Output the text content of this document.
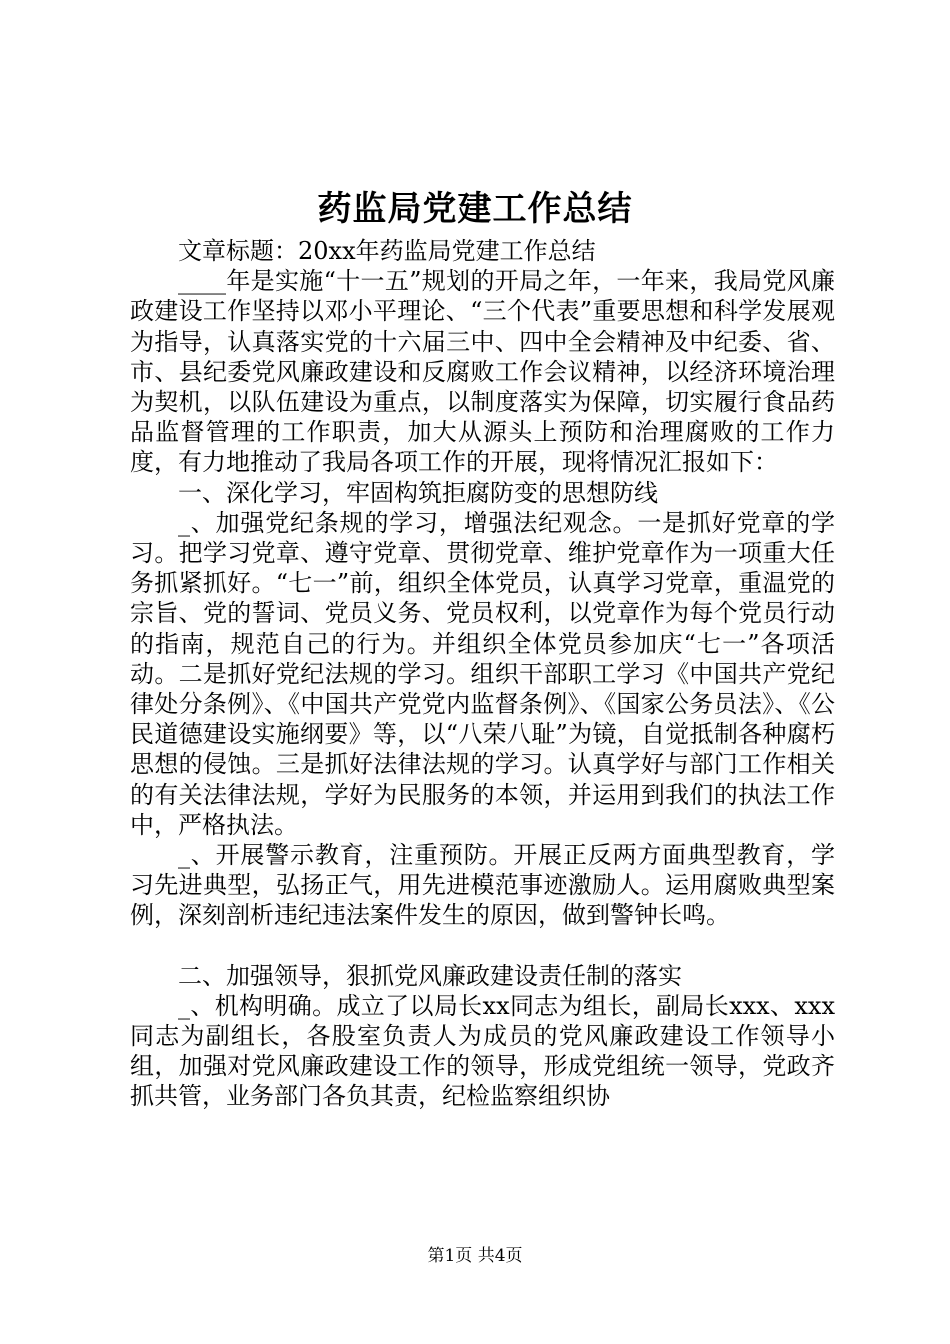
药监局党建工作总结

文章标题：20xx年药监局党建工作总结

____年是实施“十一五”规划的开局之年，一年来，我局党风廉政建设工作坚持以邓小平理论、“三个代表”重要思想和科学发展观为指导，认真落实党的十六届三中、四中全会精神及中纪委、省、市、县纪委党风廉政建设和反腐败工作会议精神，以经济环境治理为契机，以队伍建设为重点，以制度落实为保障，切实履行食品药品监督管理的工作职责，加大从源头上预防和治理腐败的工作力度，有力地推动了我局各项工作的开展，现将情况汇报如下：

一、深化学习，牢固构筑拒腐防变的思想防线

_、加强党纪条规的学习，增强法纪观念。一是抓好党章的学习。把学习党章、遵守党章、贯彻党章、维护党章作为一项重大任务抓紧抓好。“七一”前，组织全体党员，认真学习党章，重温党的宗旨、党的誓词、党员义务、党员权利，以党章作为每个党员行动的指南，规范自己的行为。并组织全体党员参加庆“七一”各项活动。二是抓好党纪法规的学习。组织干部职工学习《中国共产党纪律处分条例》、《中国共产党党内监督条例》、《国家公务员法》、《公民道德建设实施纲要》等，以“八荣八耻”为镜，自觉抵制各种腐朽思想的侵蚀。三是抓好法律法规的学习。认真学好与部门工作相关的有关法律法规，学好为民服务的本领，并运用到我们的执法工作中，严格执法。

_、开展警示教育，注重预防。开展正反两方面典型教育，学习先进典型，弘扬正气，用先进模范事迹激励人。运用腐败典型案例，深刻剖析违纪违法案件发生的原因，做到警钟长鸣。

二、加强领导，狠抓党风廉政建设责任制的落实

_、机构明确。成立了以局长xx同志为组长，副局长xxx、xxx同志为副组长，各股室负责人为成员的党风廉政建设工作领导小组，加强对党风廉政建设工作的领导，形成党组统一领导，党政齐抓共管，业务部门各负其责，纪检监察组织协

第1页 共4页
